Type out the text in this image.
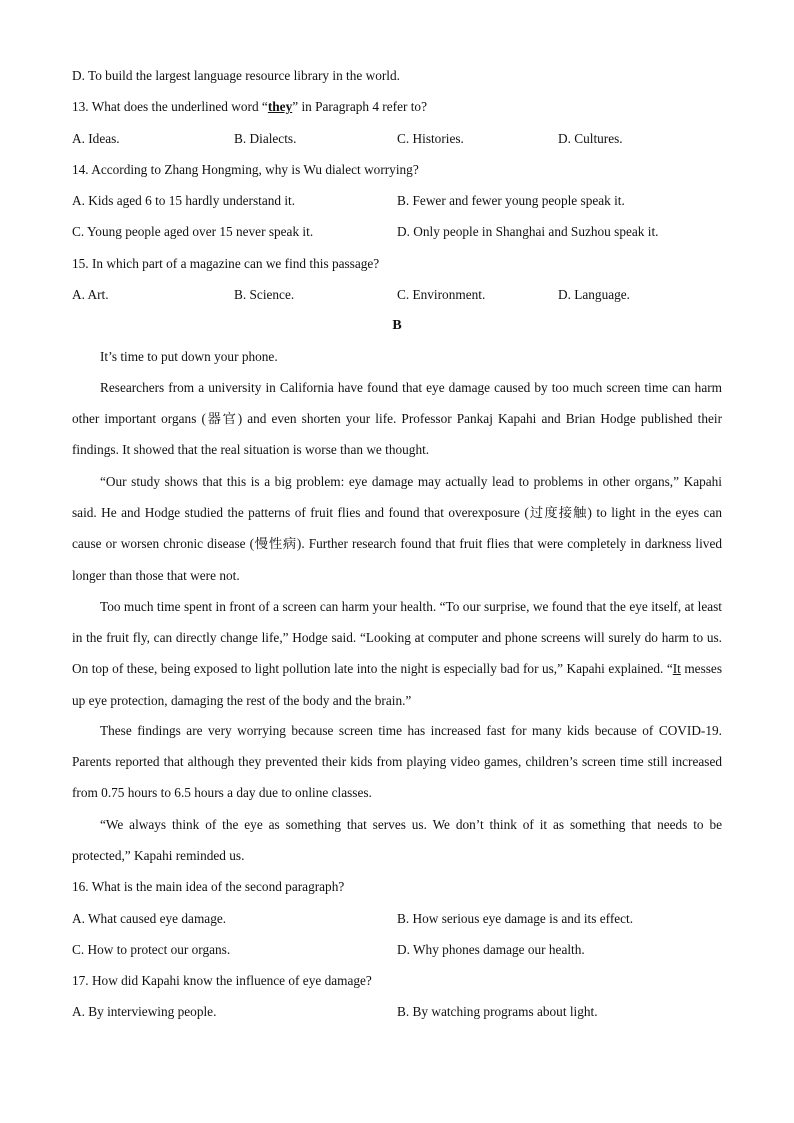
D. To build the largest language resource library in the world.
13. What does the underlined word “they” in Paragraph 4 refer to?
A. Ideas.	B. Dialects.	C. Histories.	D. Cultures.
14. According to Zhang Hongming, why is Wu dialect worrying?
A. Kids aged 6 to 15 hardly understand it.	B. Fewer and fewer young people speak it.
C. Young people aged over 15 never speak it.	D. Only people in Shanghai and Suzhou speak it.
15. In which part of a magazine can we find this passage?
A. Art.	B. Science.	C. Environment.	D. Language.
B
It’s time to put down your phone.
Researchers from a university in California have found that eye damage caused by too much screen time can harm other important organs (器官) and even shorten your life. Professor Pankaj Kapahi and Brian Hodge published their findings. It showed that the real situation is worse than we thought.
“Our study shows that this is a big problem: eye damage may actually lead to problems in other organs,” Kapahi said. He and Hodge studied the patterns of fruit flies and found that overexposure (过度接触) to light in the eyes can cause or worsen chronic disease (慢性病). Further research found that fruit flies that were completely in darkness lived longer than those that were not.
Too much time spent in front of a screen can harm your health. “To our surprise, we found that the eye itself, at least in the fruit fly, can directly change life,” Hodge said. “Looking at computer and phone screens will surely do harm to us. On top of these, being exposed to light pollution late into the night is especially bad for us,” Kapahi explained. “It messes up eye protection, damaging the rest of the body and the brain.”
These findings are very worrying because screen time has increased fast for many kids because of COVID-19. Parents reported that although they prevented their kids from playing video games, children’s screen time still increased from 0.75 hours to 6.5 hours a day due to online classes.
“We always think of the eye as something that serves us. We don’t think of it as something that needs to be protected,” Kapahi reminded us.
16. What is the main idea of the second paragraph?
A. What caused eye damage.	B. How serious eye damage is and its effect.
C. How to protect our organs.	D. Why phones damage our health.
17. How did Kapahi know the influence of eye damage?
A. By interviewing people.	B. By watching programs about light.
